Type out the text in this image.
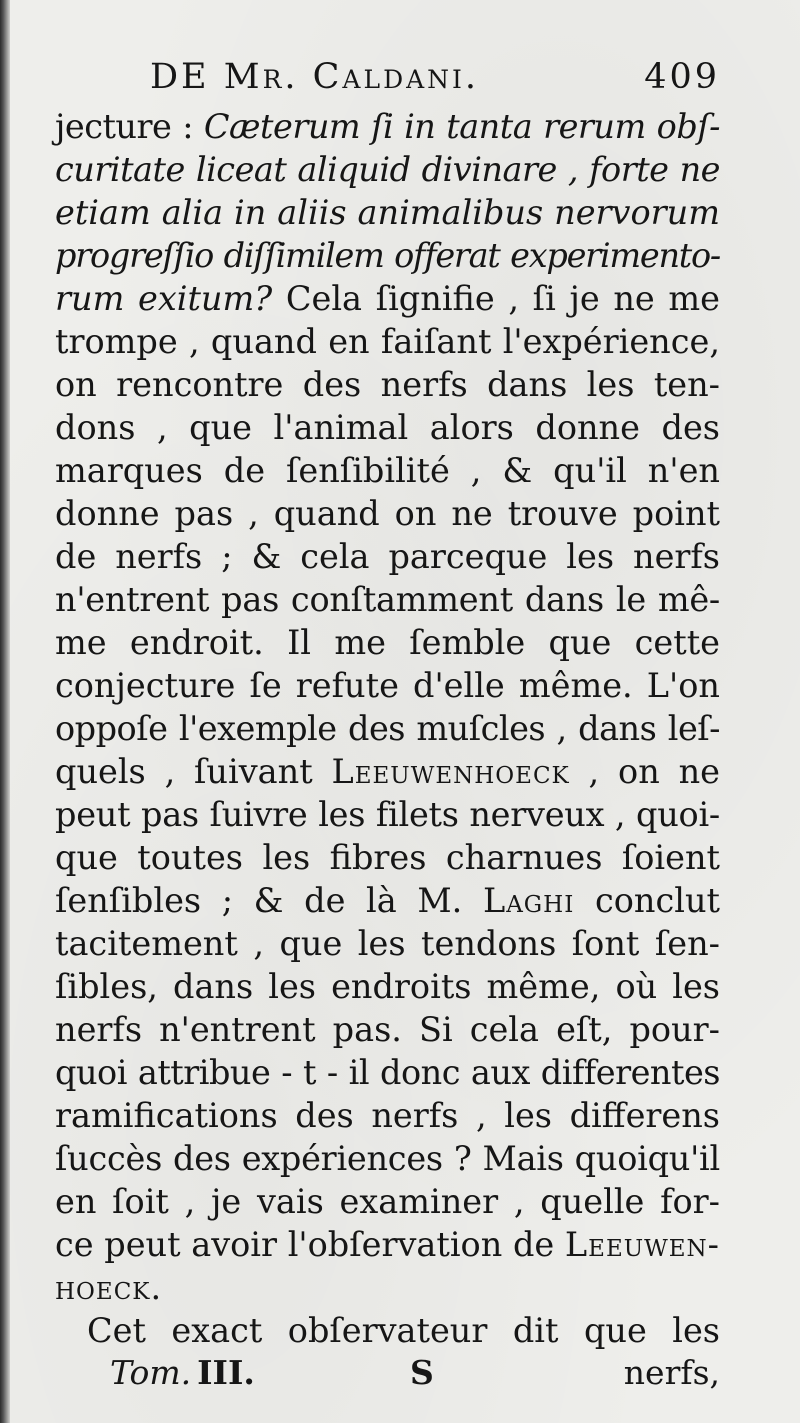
DE Mr. Caldani.	409
jecture : Cæterum ſi in tanta rerum obſ-
curitate liceat aliquid divinare , forte ne
etiam alia in aliis animalibus nervorum
progreſſio diſſimilem offerat experimento-
rum exitum? Cela ſignifie , ſi je ne me
trompe , quand en faiſant l'expérience,
on rencontre des nerfs dans les ten-
dons , que l'animal alors donne des
marques de ſenſibilité , & qu'il n'en
donne pas , quand on ne trouve point
de nerfs ; & cela parceque les nerfs
n'entrent pas conſtamment dans le mê-
me endroit. Il me ſemble que cette
conjecture ſe refute d'elle même. L'on
oppoſe l'exemple des muſcles , dans leſ-
quels , ſuivant Leeuwenhoeck , on ne
peut pas ſuivre les filets nerveux , quoi-
que toutes les fibres charnues ſoient
ſenſibles ; & de là M. Laghi conclut
tacitement , que les tendons ſont ſen-
ſibles, dans les endroits même, où les
nerfs n'entrent pas. Si cela eſt, pour-
quoi attribue - t - il donc aux differentes
ramifications des nerfs , les differens
ſuccès des expériences ? Mais quoiqu'il
en ſoit , je vais examiner , quelle for-
ce peut avoir l'obſervation de Leeuwen-
hoeck.
Cet exact obſervateur dit que les
Tom. III.	S	nerfs,
